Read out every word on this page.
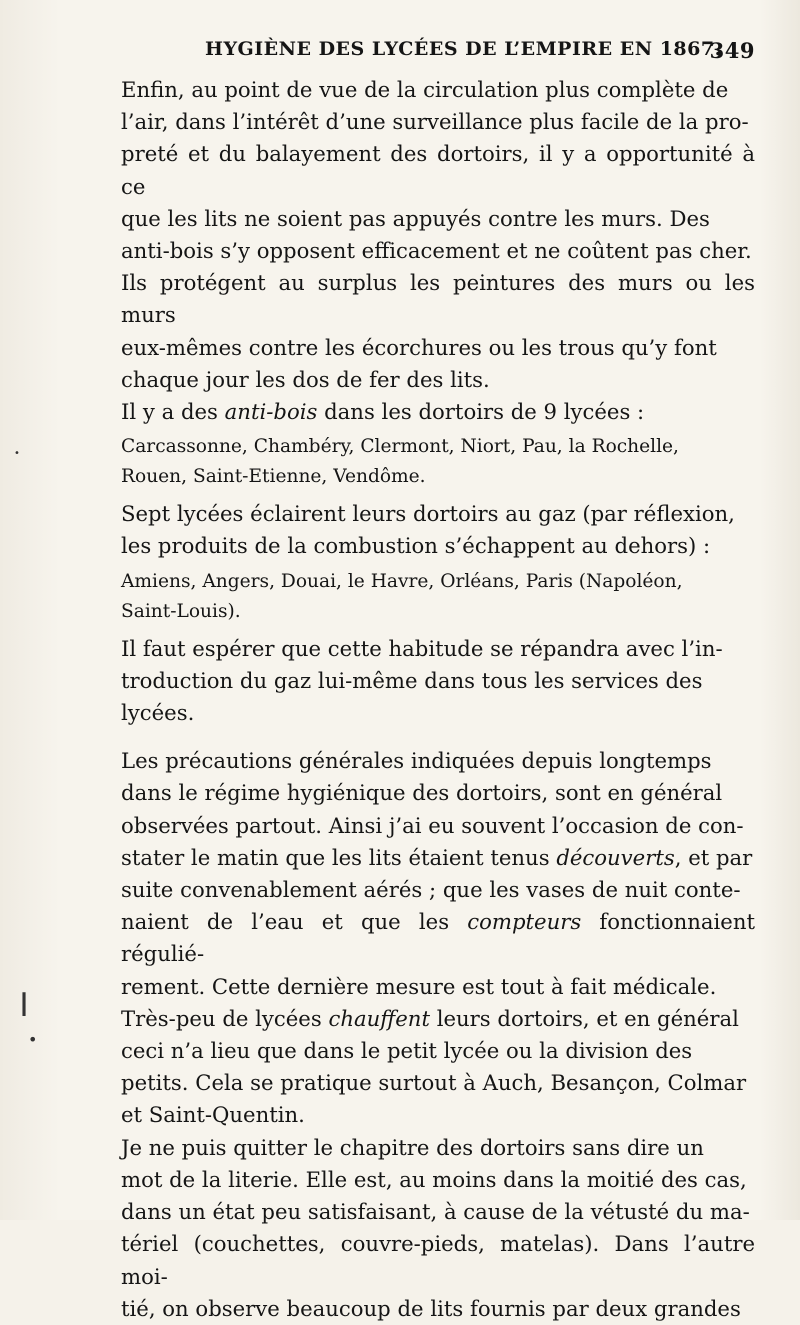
HYGIÈNE DES LYCÉES DE L’EMPIRE EN 1867.
349
Enfin, au point de vue de la circulation plus complète de
l’air, dans l’intérêt d’une surveillance plus facile de la pro-
preté et du balayement des dortoirs, il y a opportunité à ce
que les lits ne soient pas appuyés contre les murs. Des
anti-bois s’y opposent efficacement et ne coûtent pas cher.
Ils protégent au surplus les peintures des murs ou les murs
eux-mêmes contre les écorchures ou les trous qu’y font
chaque jour les dos de fer des lits.
Il y a des anti-bois dans les dortoirs de 9 lycées :
Carcassonne, Chambéry, Clermont, Niort, Pau, la Rochelle,
Rouen, Saint-Etienne, Vendôme.
Sept lycées éclairent leurs dortoirs au gaz (par réflexion,
les produits de la combustion s’échappent au dehors) :
Amiens, Angers, Douai, le Havre, Orléans, Paris (Napoléon,
Saint-Louis).
Il faut espérer que cette habitude se répandra avec l’in-
troduction du gaz lui-même dans tous les services des
lycées.
Les précautions générales indiquées depuis longtemps
dans le régime hygiénique des dortoirs, sont en général
observées partout. Ainsi j’ai eu souvent l’occasion de con-
stater le matin que les lits étaient tenus découverts, et par
suite convenablement aérés ; que les vases de nuit conte-
naient de l’eau et que les compteurs fonctionnaient régulié-
rement. Cette dernière mesure est tout à fait médicale.
Très-peu de lycées chauffent leurs dortoirs, et en général
ceci n’a lieu que dans le petit lycée ou la division des
petits. Cela se pratique surtout à Auch, Besançon, Colmar
et Saint-Quentin.
Je ne puis quitter le chapitre des dortoirs sans dire un
mot de la literie. Elle est, au moins dans la moitié des cas,
dans un état peu satisfaisant, à cause de la vétusté du ma-
tériel (couchettes, couvre-pieds, matelas). Dans l’autre moi-
tié, on observe beaucoup de lits fournis par deux grandes
┃
•
•
